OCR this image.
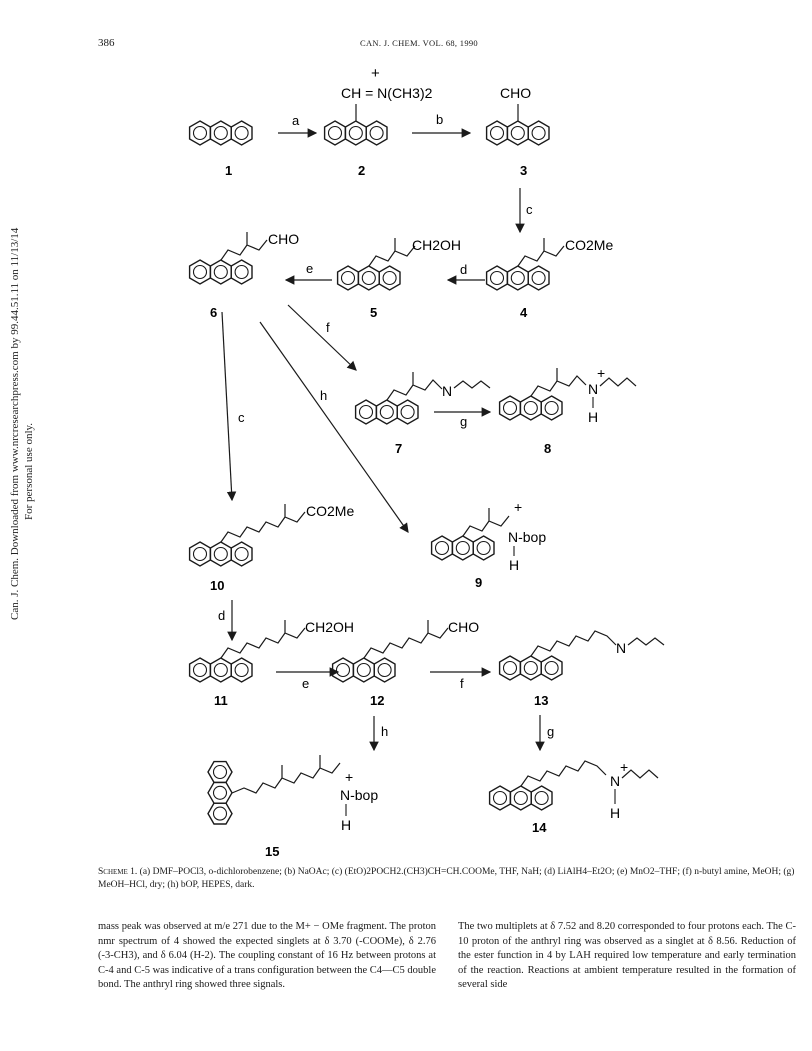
386	CAN. J. CHEM. VOL. 68, 1990
Can. J. Chem. Downloaded from www.nrcresearchpress.com by 99.44.51.11 on 11/13/14 For personal use only.
1
a
+
CH = N(CH3)2
2
b
CHO
3
c
CO2Me
4
d
CH2OH
5
e
CHO
6
c
f
h	N
7
g
+
N
H
8
+
N-bop
H
9
CO2Me
10
d
CH2OH
11
e
CHO
12
f
h
N
13
g
+
N-bop
H
15
+
N
H
14
Scheme 1. (a) DMF–POCl3, o-dichlorobenzene; (b) NaOAc; (c) (EtO)2POCH2.(CH3)CH=CH.COOMe, THF, NaH; (d) LiAlH4–Et2O; (e) MnO2–THF; (f) n-butyl amine, MeOH; (g) MeOH–HCl, dry; (h) bOP, HEPES, dark.

mass peak was observed at m/e 271 due to the M+ − OMe fragment. The proton nmr spectrum of 4 showed the expected singlets at δ 3.70 (-COOMe), δ 2.76 (-3-CH3), and δ 6.04 (H-2). The coupling constant of 16 Hz between protons at C-4 and C-5 was indicative of a trans configuration between the C4—C5 double bond. The anthryl ring showed three signals.

The two multiplets at δ 7.52 and 8.20 corresponded to four protons each. The C-10 proton of the anthryl ring was observed as a singlet at δ 8.56. Reduction of the ester function in 4 by LAH required low temperature and early termination of the reaction. Reactions at ambient temperature resulted in the formation of several side
